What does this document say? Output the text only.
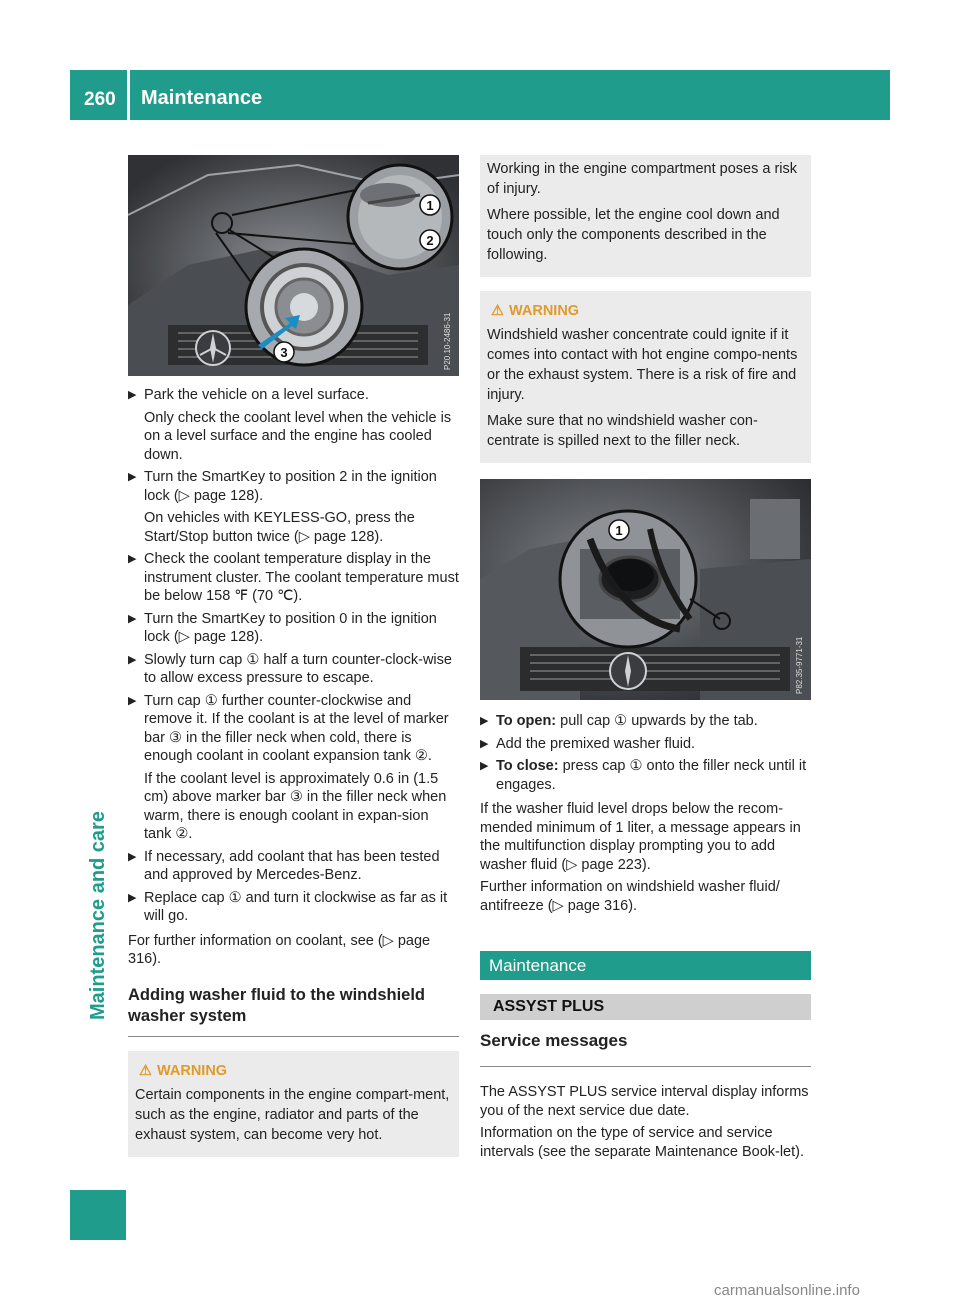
260 Maintenance
Maintenance and care
1
2
3	P20.10-2486-31
▶ Park the vehicle on a level surface.

Only check the coolant level when the vehicle is on a level surface and the engine has cooled down.

▶ Turn the SmartKey to position 2 in the ignition lock (▷ page 128).

On vehicles with KEYLESS-GO, press the Start/Stop button twice (▷ page 128).

▶ Check the coolant temperature display in the instrument cluster. The coolant temperature must be below 158 ℉ (70 ℃).

▶ Turn the SmartKey to position 0 in the ignition lock (▷ page 128).

▶ Slowly turn cap ① half a turn counter-clock-wise to allow excess pressure to escape.

▶ Turn cap ① further counter-clockwise and remove it. If the coolant is at the level of marker bar ③ in the filler neck when cold, there is enough coolant in coolant expansion tank ②.

If the coolant level is approximately 0.6 in (1.5 cm) above marker bar ③ in the filler neck when warm, there is enough coolant in expan-sion tank ②.

▶ If necessary, add coolant that has been tested and approved by Mercedes-Benz.

▶ Replace cap ① and turn it clockwise as far as it will go.

For further information on coolant, see (▷ page 316).
Adding washer fluid to the windshield washer system
⚠ WARNING

Certain components in the engine compart-ment, such as the engine, radiator and parts of the exhaust system, can become very hot.

Working in the engine compartment poses a risk of injury.

Where possible, let the engine cool down and touch only the components described in the following.

⚠ WARNING

Windshield washer concentrate could ignite if it comes into contact with hot engine compo-nents or the exhaust system. There is a risk of fire and injury.

Make sure that no windshield washer con-centrate is spilled next to the filler neck.

1
P82.35-9771-31
▶ To open: pull cap ① upwards by the tab.

▶ Add the premixed washer fluid.

▶ To close: press cap ① onto the filler neck until it engages.

If the washer fluid level drops below the recom-mended minimum of 1 liter, a message appears in the multifunction display prompting you to add washer fluid (▷ page 223).
Further information on windshield washer fluid/ antifreeze (▷ page 316).
Maintenance
ASSYST PLUS
Service messages
The ASSYST PLUS service interval display informs you of the next service due date.
Information on the type of service and service intervals (see the separate Maintenance Book-let).
carmanualsonline.info
